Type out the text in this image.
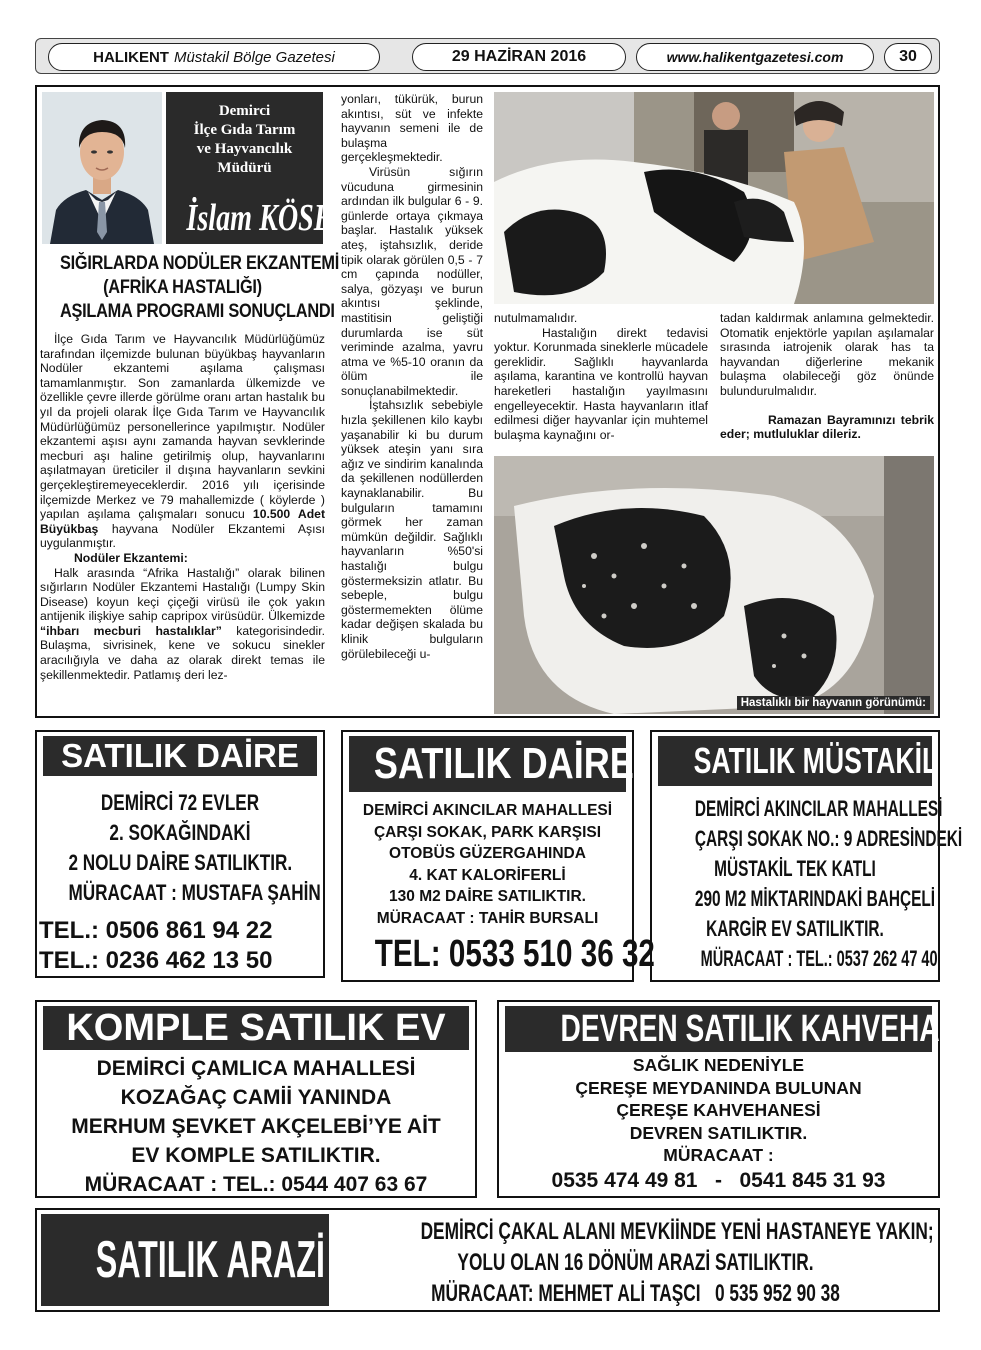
HALIKENT Müstakil Bölge Gazetesi	29 HAZİRAN 2016	www.halikentgazetesi.com	30
Demirci
İlçe Gıda Tarım
ve Hayvancılık
Müdürü
İslam KÖSE
SIĞIRLARDA NODÜLER EKZANTEMİ
(AFRİKA HASTALIĞI)
AŞILAMA PROGRAMI SONUÇLANDI

İlçe Gıda Tarım ve Hayvancılık Müdürlüğümüz tarafından ilçemizde bulunan büyükbaş hayvanların Nodüler ekzantemi aşılama çalışması tamamlanmıştır. Son zamanlarda ülkemizde ve özellikle çevre illerde görülme oranı artan hastalık bu yıl da projeli olarak İlçe Gıda Tarım ve Hayvancılık Müdürlüğümüz personellerince yapılmıştır. Nodüler ekzantemi aşısı aynı zamanda hayvan sevklerinde mecburi aşı haline getirilmiş olup, hayvanlarını aşılatmayan üreticiler il dışına hayvanların sevkini gerçekleştiremeyeceklerdir. 2016 yılı içerisinde ilçemizde Merkez ve 79 mahallemizde ( köylerde ) yapılan aşılama çalışmaları sonucu 10.500 Adet Büyükbaş hayvana Nodüler Ekzantemi Aşısı uygulanmıştır.

Nodüler Ekzantemi:

Halk arasında “Afrika Hastalığı” olarak bilinen sığırların Nodüler Ekzantemi Hastalığı (Lumpy Skin Disease) koyun keçi çiçeği virüsü ile çok yakın antijenik ilişkiye sahip capripox virüsüdür. Ülkemizde “ihbarı mecburi hastalıklar” kategorisindedir. Bulaşma, sivrisinek, kene ve sokucu sinekler aracılığıyla ve daha az olarak direkt temas ile şekillenmektedir. Patlamış deri lez-

yonları, tükürük, burun akıntısı, süt ve infekte hayvanın semeni ile de bulaşma gerçekleşmektedir.

Virüsün sığırın vücuduna girmesinin ardından ilk bulgular 6 - 9. günlerde ortaya çıkmaya başlar. Hastalık yüksek ateş, iştahsızlık, deride tipik olarak görülen 0,5 - 7 cm çapında nodüller, salya, gözyaşı ve burun akıntısı şeklinde, mastitisin geliştiği durumlarda ise süt veriminde azalma, yavru atma ve %5-10 oranın da ölüm ile sonuçlanabilmektedir.

İştahsızlık sebebiyle hızla şekillenen kilo kaybı yaşanabilir ki bu durum yüksek ateşin yanı sıra ağız ve sindirim kanalında da şekillenen nodüllerden kaynaklanabilir. Bu bulguların tamamını görmek her zaman mümkün değildir. Sağlıklı hayvanların %50'si hastalığı bulgu göstermeksizin atlatır. Bu sebeple, bulgu göstermemekten ölüme kadar değişen skalada bu klinik bulguların görülebileceği u-

nutulmamalıdır.

Hastalığın direkt tedavisi yoktur. Korunmada sineklerle mücadele gereklidir. Sağlıklı hayvanlarda aşılama, karantina ve kontrollü hayvan hareketleri hastalığın yayılmasını engelleyecektir. Hasta hayvanların itlaf edilmesi diğer hayvanlar için muhtemel bulaşma kaynağını or-

tadan kaldırmak anlamına gelmektedir. Otomatik enjektörle yapılan aşılamalar sırasında iatrojenik olarak has ta hayvandan diğerlerine mekanik bulaşma olabileceği göz önünde bulundurulmalıdır.

Ramazan Bayramınızı tebrik eder; mutluluklar dileriz.

Hastalıklı bir hayvanın görünümü:
SATILIK DAİRE
DEMİRCİ 72 EVLER
2. SOKAĞINDAKİ
2 NOLU DAİRE SATILIKTIR.
MÜRACAAT : MUSTAFA ŞAHİN
TEL.: 0506 861 94 22
TEL.: 0236 462 13 50
SATILIK DAİRE
DEMİRCİ AKINCILAR MAHALLESİ
ÇARŞI SOKAK, PARK KARŞISI
OTOBÜS GÜZERGAHINDA
4. KAT KALORİFERLİ
130 M2 DAİRE SATILIKTIR.
MÜRACAAT : TAHİR BURSALI
TEL: 0533 510 36 32
SATILIK MÜSTAKİL EV
DEMİRCİ AKINCILAR MAHALLESİ
ÇARŞI SOKAK NO.: 9 ADRESİNDEKİ
MÜSTAKİL TEK KATLI
290 M2 MİKTARINDAKİ BAHÇELİ
KARGİR EV SATILIKTIR.
MÜRACAAT : TEL.: 0537 262 47 40
KOMPLE SATILIK EV
DEMİRCİ ÇAMLICA MAHALLESİ
KOZAĞAÇ CAMİİ YANINDA
MERHUM ŞEVKET AKÇELEBİ’YE AİT
EV KOMPLE SATILIKTIR.
MÜRACAAT : TEL.: 0544 407 63 67
DEVREN SATILIK KAHVEHANE
SAĞLIK NEDENİYLE
ÇEREŞE MEYDANINDA BULUNAN
ÇEREŞE KAHVEHANESİ
DEVREN SATILIKTIR.
MÜRACAAT :
0535 474 49 81   -   0541 845 31 93
SATILIK ARAZİ	DEMİRCİ ÇAKAL ALANI MEVKİİNDE YENİ HASTANEYE YAKIN;
YOLU OLAN 16 DÖNÜM ARAZİ SATILIKTIR.
MÜRACAAT: MEHMET ALİ TAŞCI   0 535 952 90 38
